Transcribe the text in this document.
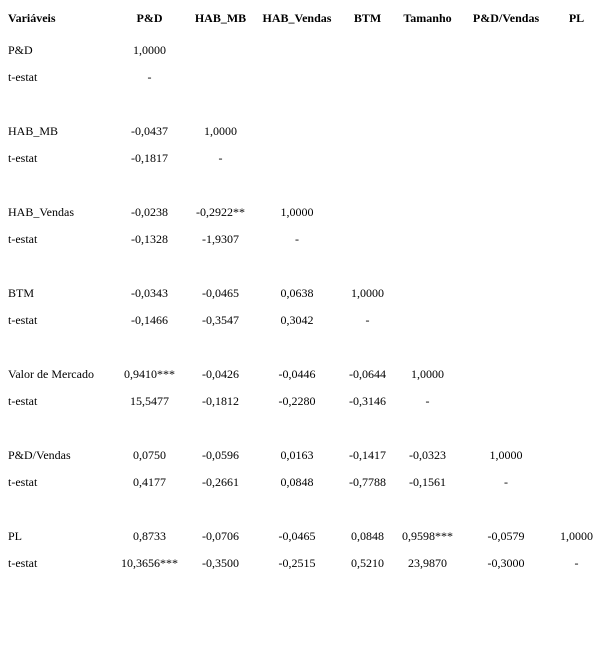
Variáveis	P&D	HAB_MB	HAB_Vendas	BTM	Tamanho	P&D/Vendas	PL
P&D	1,0000						
t-estat	-						

HAB_MB	-0,0437	1,0000					
t-estat	-0,1817	-					

HAB_Vendas	-0,0238	-0,2922**	1,0000				
t-estat	-0,1328	-1,9307	-				

BTM	-0,0343	-0,0465	0,0638	1,0000			
t-estat	-0,1466	-0,3547	0,3042	-			

Valor de Mercado	0,9410***	-0,0426	-0,0446	-0,0644	1,0000		
t-estat	15,5477	-0,1812	-0,2280	-0,3146	-		

P&D/Vendas	0,0750	-0,0596	0,0163	-0,1417	-0,0323	1,0000	
t-estat	0,4177	-0,2661	0,0848	-0,7788	-0,1561	-	

PL	0,8733	-0,0706	-0,0465	0,0848	0,9598***	-0,0579	1,0000
t-estat	10,3656***	-0,3500	-0,2515	0,5210	23,9870	-0,3000	-
